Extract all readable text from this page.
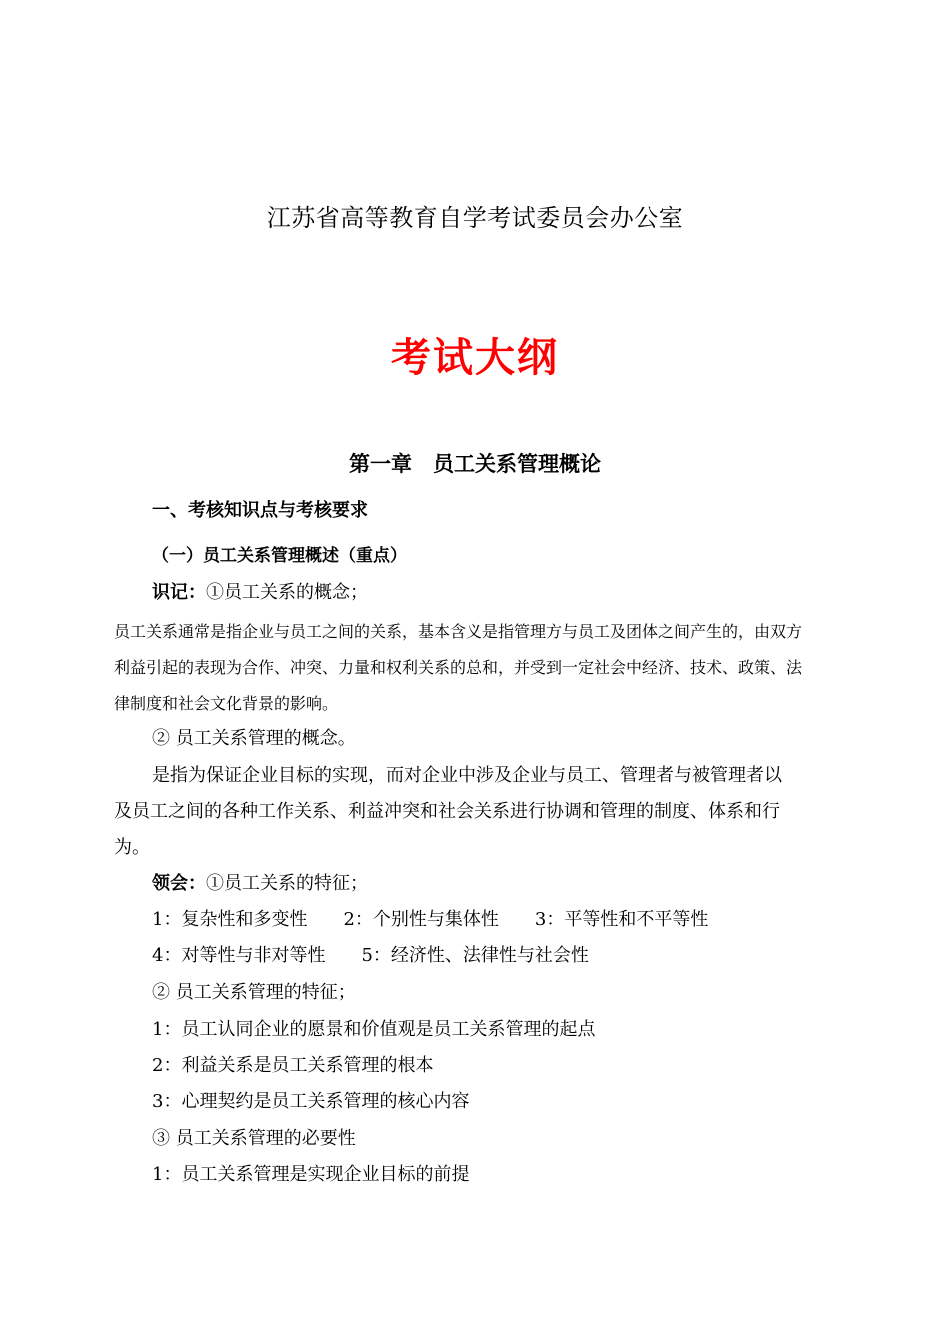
江苏省高等教育自学考试委员会办公室
考试大纲
第一章　员工关系管理概论
一、考核知识点与考核要求
（一）员工关系管理概述（重点）
识记：①员工关系的概念；
员工关系通常是指企业与员工之间的关系，基本含义是指管理方与员工及团体之间产生的，由双方
利益引起的表现为合作、冲突、力量和权利关系的总和，并受到一定社会中经济、技术、政策、法
律制度和社会文化背景的影响。
② 员工关系管理的概念。
是指为保证企业目标的实现，而对企业中涉及企业与员工、管理者与被管理者以
及员工之间的各种工作关系、利益冲突和社会关系进行协调和管理的制度、体系和行
为。
领会：①员工关系的特征；
1：复杂性和多变性　　2：个别性与集体性　　3：平等性和不平等性
4：对等性与非对等性　　5：经济性、法律性与社会性
② 员工关系管理的特征；
1：员工认同企业的愿景和价值观是员工关系管理的起点
2：利益关系是员工关系管理的根本
3：心理契约是员工关系管理的核心内容
③ 员工关系管理的必要性
1：员工关系管理是实现企业目标的前提
